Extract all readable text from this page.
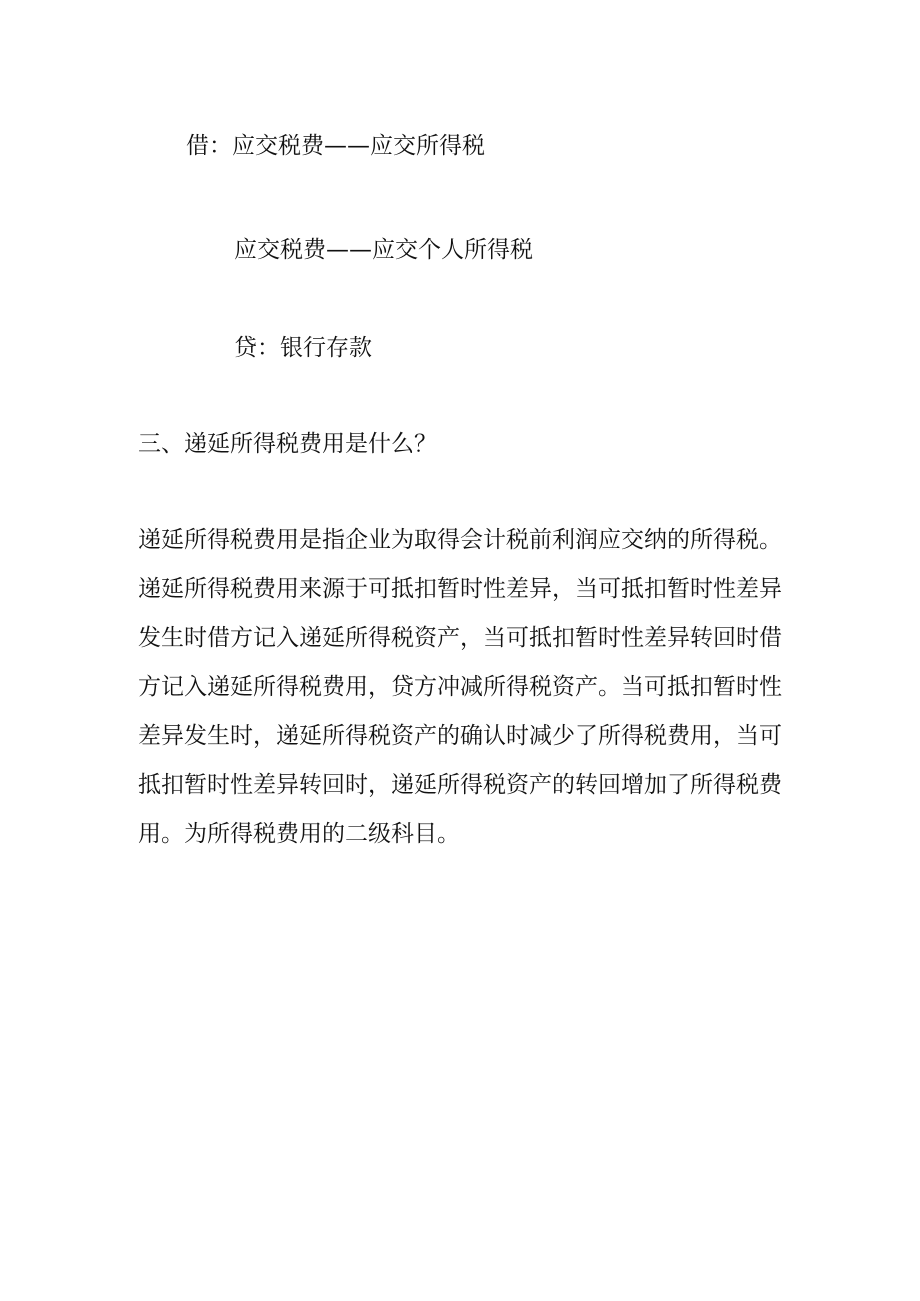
借：应交税费——应交所得税
应交税费——应交个人所得税
贷：银行存款
三、递延所得税费用是什么？
递延所得税费用是指企业为取得会计税前利润应交纳的所得税。
递延所得税费用来源于可抵扣暂时性差异，当可抵扣暂时性差异
发生时借方记入递延所得税资产，当可抵扣暂时性差异转回时借
方记入递延所得税费用，贷方冲减所得税资产。当可抵扣暂时性
差异发生时，递延所得税资产的确认时减少了所得税费用，当可
抵扣暂时性差异转回时，递延所得税资产的转回增加了所得税费
用。为所得税费用的二级科目。
